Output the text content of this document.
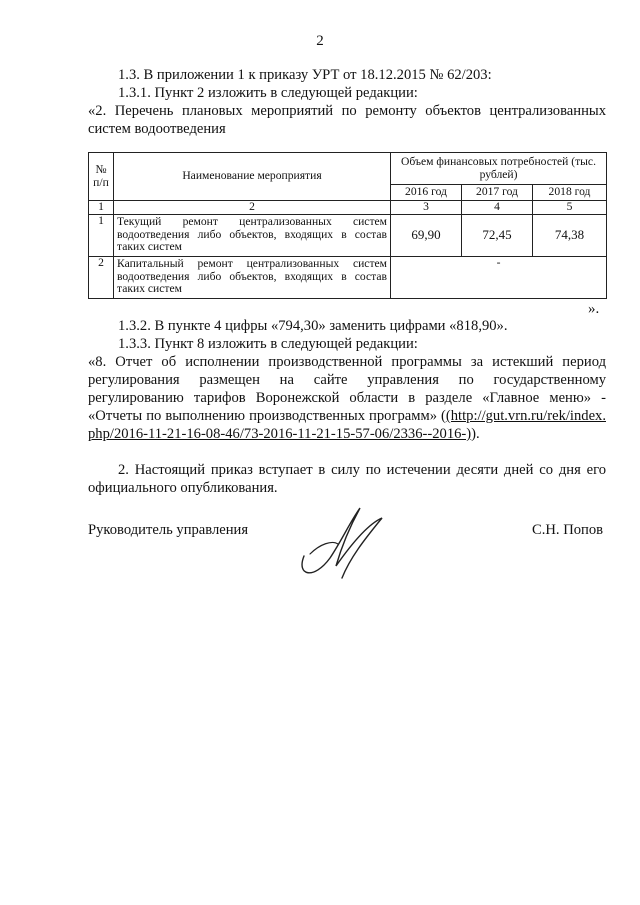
2
1.3. В приложении 1 к приказу УРТ от 18.12.2015 № 62/203:
1.3.1. Пункт 2 изложить в следующей редакции:
«2. Перечень плановых мероприятий по ремонту объектов централизованных систем водоотведения
№ п/п	Наименование мероприятия	Объем финансовых потребностей (тыс. рублей)		
		2016 год	2017 год	2018 год
1	2	3	4	5
1	Текущий ремонт централизованных систем водоотведения либо объектов, входящих в состав таких систем	69,90	72,45	74,38
2	Капитальный ремонт централизованных систем водоотведения либо объектов, входящих в состав таких систем	-		
».
1.3.2. В пункте 4 цифры «794,30» заменить цифрами «818,90».
1.3.3. Пункт 8 изложить в следующей редакции:
«8. Отчет об исполнении производственной программы за истекший период регулирования размещен на сайте управления по государственному регулированию тарифов Воронежской области в разделе «Главное меню» - «Отчеты по выполнению производственных программ» ((http://gut.vrn.ru/rek/index.php/2016-11-21-16-08-46/73-2016-11-21-15-57-06/2336--2016-)).
2. Настоящий приказ вступает в силу по истечении десяти дней со дня его официального опубликования.
Руководитель управления	С.Н. Попов
